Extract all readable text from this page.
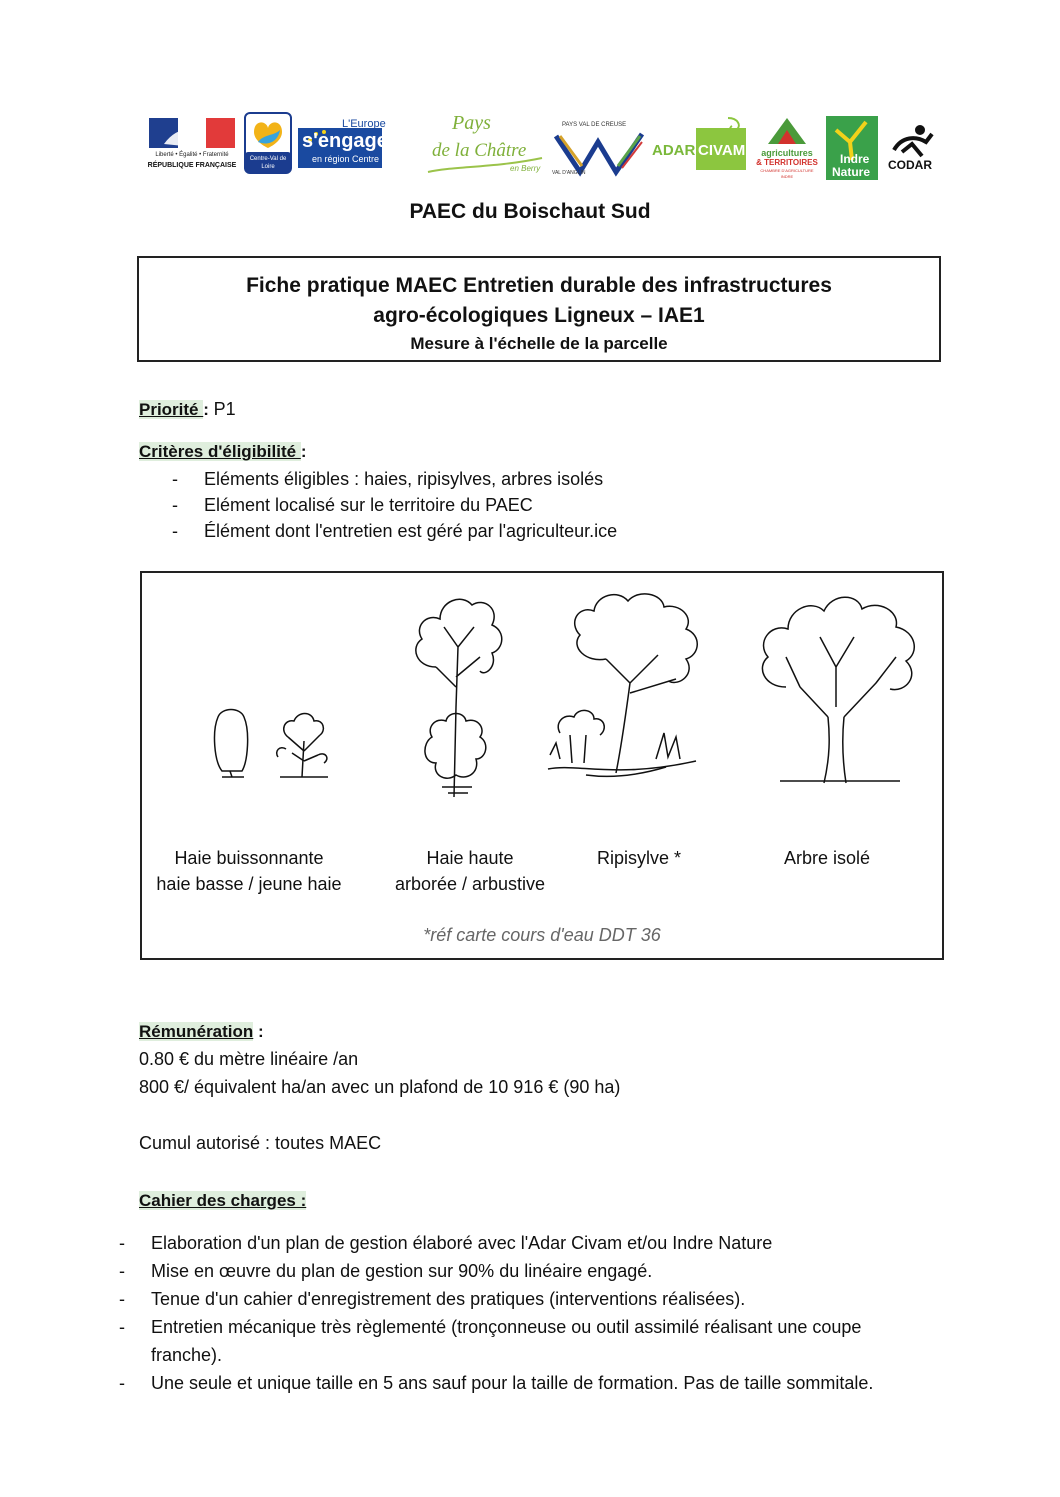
Liberté • Égalité • Fraternité
RÉPUBLIQUE FRANÇAISE
Centre-Val de Loire
L'Europe
s'engage
en région Centre
Pays
de la Châtre
en Berry
PAYS VAL DE CREUSE
VAL D'ANGLIN
ADAR CIVAM	agricultures
& TERRITOIRES
CHAMBRE D'AGRICULTURE
INDRE
Indre
Nature CODAR
PAEC du Boischaut Sud
Fiche pratique MAEC Entretien durable des infrastructures
agro-écologiques Ligneux – IAE1
Mesure à l'échelle de la parcelle
Priorité : P1
Critères d'éligibilité :
- Eléments éligibles : haies, ripisylves, arbres isolés
- Elément localisé sur le territoire du PAEC
- Élément dont l'entretien est géré par l'agriculteur.ice
Haie buissonnante
haie basse / jeune haie
Haie haute
arborée / arbustive
Ripisylve *	Arbre isolé
*réf carte cours d'eau DDT 36
Rémunération :
0.80 € du mètre linéaire /an
800 €/ équivalent ha/an avec un plafond de 10 916 € (90 ha)
Cumul autorisé : toutes MAEC
Cahier des charges :
- Elaboration d'un plan de gestion élaboré avec l'Adar Civam et/ou Indre Nature
- Mise en œuvre du plan de gestion sur 90% du linéaire engagé.
- Tenue d'un cahier d'enregistrement des pratiques (interventions réalisées).
- Entretien mécanique très règlementé (tronçonneuse ou outil assimilé réalisant une coupe
franche).
- Une seule et unique taille en 5 ans sauf pour la taille de formation. Pas de taille sommitale.
